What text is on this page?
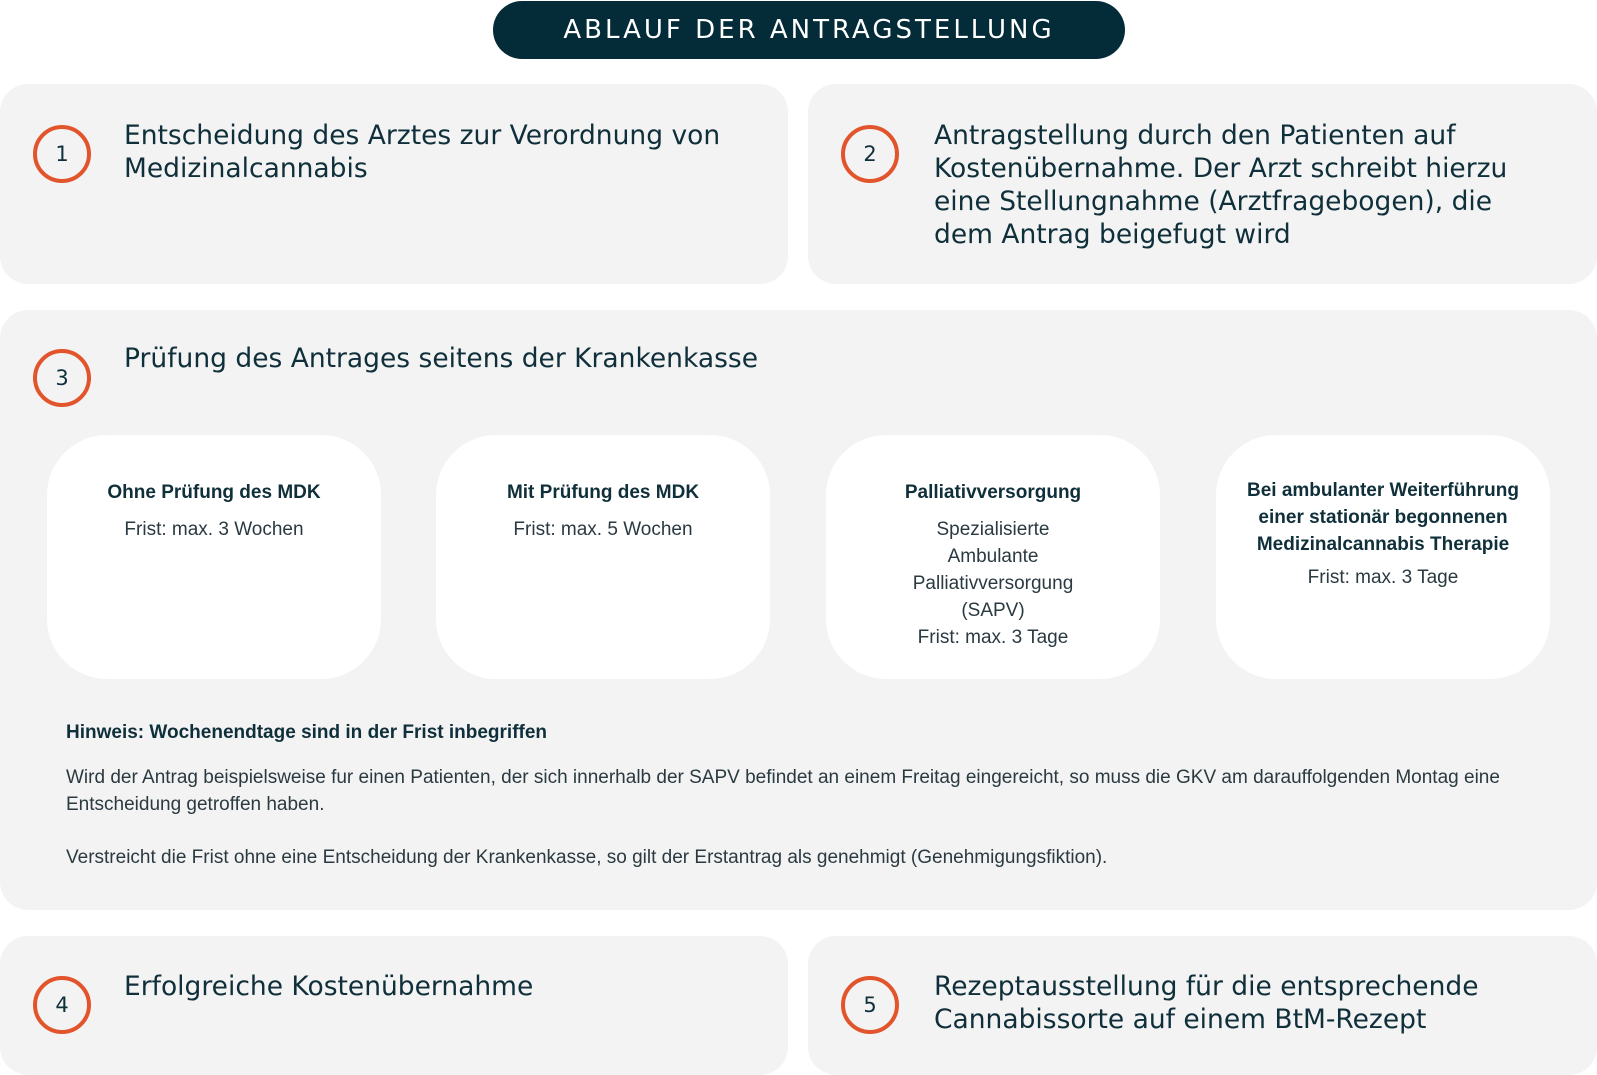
ABLAUF DER ANTRAGSTELLUNG
1
Entscheidung des Arztes zur Verordnung von Medizinalcannabis	2
Antragstellung durch den Patienten auf Kostenübernahme. Der Arzt schreibt hierzu eine Stellungnahme (Arztfragebogen), die dem Antrag beigefugt wird
3
Prüfung des Antrages seitens der Krankenkasse
Ohne Prüfung des MDK
Frist: max. 3 Wochen
Mit Prüfung des MDK
Frist: max. 5 Wochen
Palliativversorgung
Spezialisierte
Ambulante
Palliativversorgung
(SAPV)
Frist: max. 3 Tage
Bei ambulanter Weiterführung einer stationär begonnenen Medizinalcannabis Therapie
Frist: max. 3 Tage
Hinweis: Wochenendtage sind in der Frist inbegriffen
Wird der Antrag beispielsweise fur einen Patienten, der sich innerhalb der SAPV befindet an einem Freitag eingereicht, so muss die GKV am darauffolgenden Montag eine Entscheidung getroffen haben.
Verstreicht die Frist ohne eine Entscheidung der Krankenkasse, so gilt der Erstantrag als genehmigt (Genehmigungsfiktion).
4
Erfolgreiche Kostenübernahme
5
Rezeptausstellung für die entsprechende Cannabissorte auf einem BtM-Rezept
